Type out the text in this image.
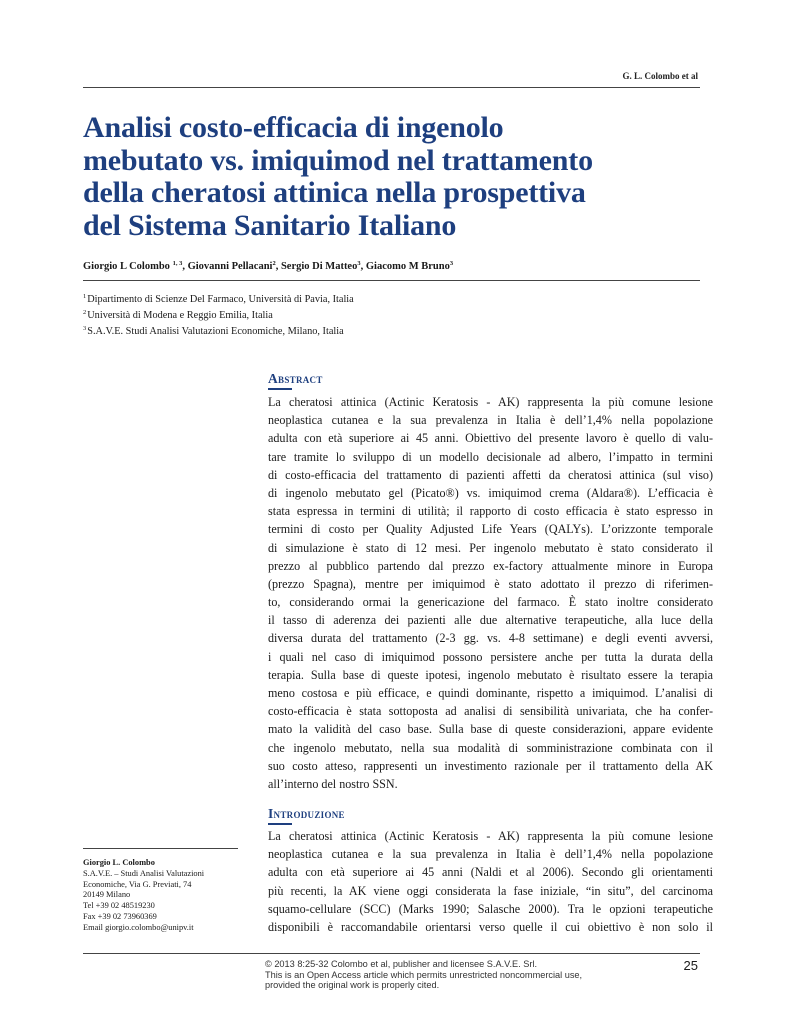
G. L. Colombo et al
Analisi costo-efficacia di ingenolo
mebutato vs. imiquimod nel trattamento
della cheratosi attinica nella prospettiva
del Sistema Sanitario Italiano
Giorgio L Colombo $^{1, 3}$, Giovanni Pellacani$^2$, Sergio Di Matteo$^3$, Giacomo M Bruno$^3$
$^1$Dipartimento di Scienze Del Farmaco, Università di Pavia, Italia
$^2$Università di Modena e Reggio Emilia, Italia
$^3$S.A.V.E. Studi Analisi Valutazioni Economiche, Milano, Italia
Abstract
La cheratosi attinica (Actinic Keratosis - AK) rappresenta la più comune lesione
neoplastica cutanea e la sua prevalenza in Italia è dell’1,4% nella popolazione
adulta con età superiore ai 45 anni. Obiettivo del presente lavoro è quello di valu-
tare tramite lo sviluppo di un modello decisionale ad albero, l’impatto in termini
di costo-efficacia del trattamento di pazienti affetti da cheratosi attinica (sul viso)
di ingenolo mebutato gel (Picato®) vs. imiquimod crema (Aldara®). L’efficacia è
stata espressa in termini di utilità; il rapporto di costo efficacia è stato espresso in
termini di costo per Quality Adjusted Life Years (QALYs). L’orizzonte temporale
di simulazione è stato di 12 mesi. Per ingenolo mebutato è stato considerato il
prezzo al pubblico partendo dal prezzo ex-factory attualmente minore in Europa
(prezzo Spagna), mentre per imiquimod è stato adottato il prezzo di riferimen-
to, considerando ormai la genericazione del farmaco. È stato inoltre considerato
il tasso di aderenza dei pazienti alle due alternative terapeutiche, alla luce della
diversa durata del trattamento (2-3 gg. vs. 4-8 settimane) e degli eventi avversi,
i quali nel caso di imiquimod possono persistere anche per tutta la durata della
terapia. Sulla base di queste ipotesi, ingenolo mebutato è risultato essere la terapia
meno costosa e più efficace, e quindi dominante, rispetto a imiquimod. L’analisi di
costo-efficacia è stata sottoposta ad analisi di sensibilità univariata, che ha confer-
mato la validità del caso base. Sulla base di queste considerazioni, appare evidente
che ingenolo mebutato, nella sua modalità di somministrazione combinata con il
suo costo atteso, rappresenti un investimento razionale per il trattamento della AK
all’interno del nostro SSN.
Introduzione
La cheratosi attinica (Actinic Keratosis - AK) rappresenta la più comune lesione
neoplastica cutanea e la sua prevalenza in Italia è dell’1,4% nella popolazione
adulta con età superiore ai 45 anni (Naldi et al 2006). Secondo gli orientamenti
più recenti, la AK viene oggi considerata la fase iniziale, “in situ”, del carcinoma
squamo-cellulare (SCC) (Marks 1990; Salasche 2000). Tra le opzioni terapeutiche
disponibili è raccomandabile orientarsi verso quelle il cui obiettivo è non solo il
Giorgio L. Colombo
S.A.V.E. – Studi Analisi Valutazioni
Economiche, Via G. Previati, 74
20149 Milano
Tel +39 02 48519230
Fax +39 02 73960369
Email giorgio.colombo@unipv.it
© 2013 8:25-32 Colombo et al, publisher and licensee S.A.V.E. Srl.
This is an Open Access article which permits unrestricted noncommercial use,
provided the original work is properly cited.
25
